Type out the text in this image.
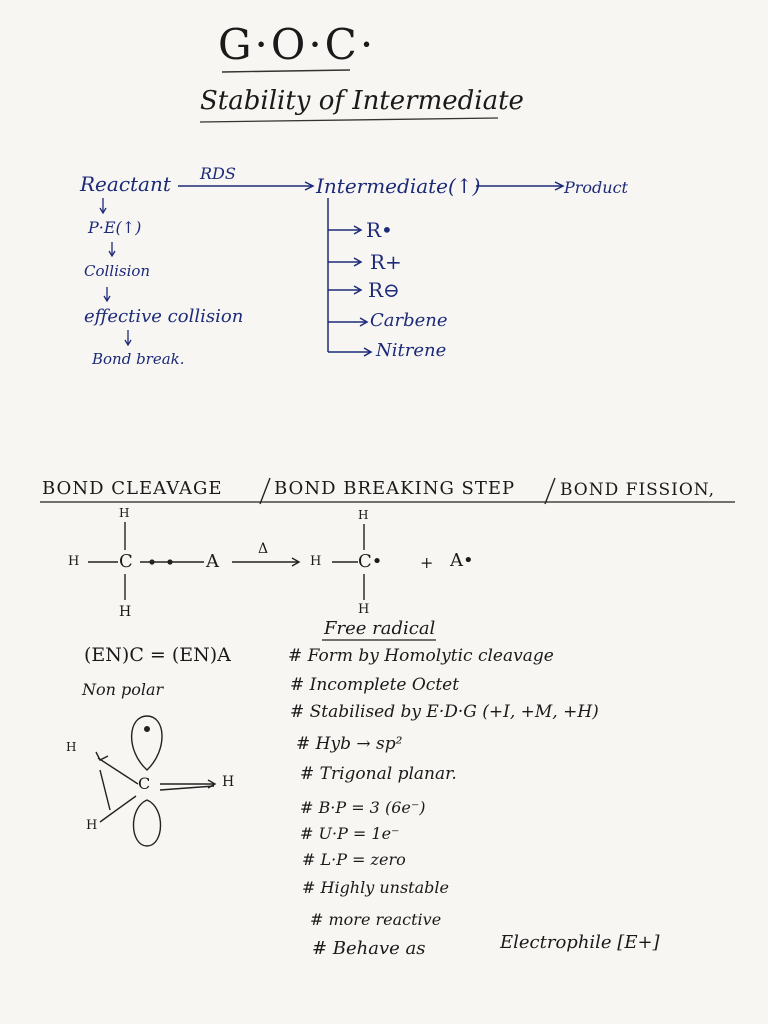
G·O·C·
Stability of Intermediate
Reactant RDS
Intermediate(↑)	Product
P·E(↑)
Collision
effective collision
Bond break.
R•
R+
R⊖
Carbene
Nitrene
BOND CLEAVAGE	BOND BREAKING STEP	BOND FISSION,
H
H C	A
H
Δ
H
H C• + A•
H
(EN)C = (EN)A
Non polar
C
H
H
H
Free radical
# Form by Homolytic cleavage
# Incomplete Octet
# Stabilised by E·D·G (+I, +M, +H)
# Hyb → sp²
# Trigonal planar.
# B·P = 3 (6e⁻)
# U·P = 1e⁻
# L·P = zero
# Highly unstable
# more reactive
# Behave as	Electrophile [E+]
